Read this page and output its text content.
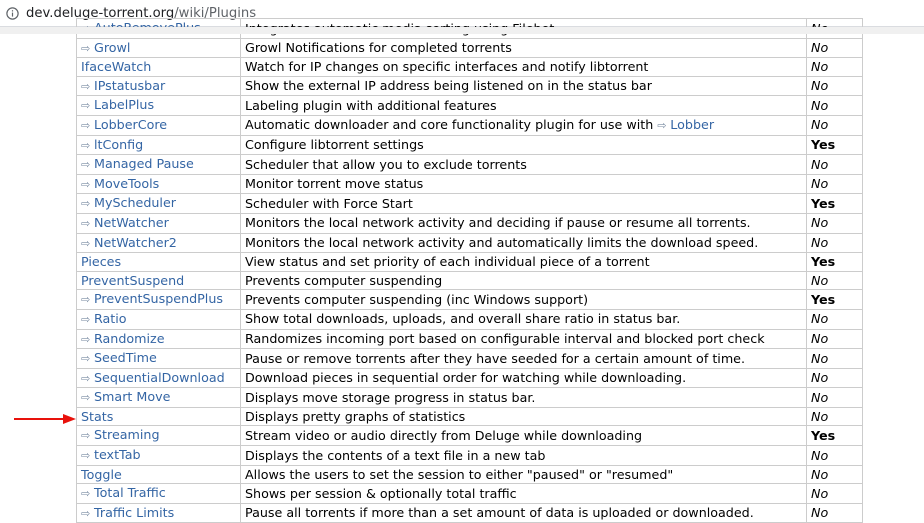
dev.deluge-torrent.org/wiki/Plugins

⇨ Growl	Growl Notifications for completed torrents	No
IfaceWatch	Watch for IP changes on specific interfaces and notify libtorrent	No
⇨ IPstatusbar	Show the external IP address being listened on in the status bar	No
⇨ LabelPlus	Labeling plugin with additional features	No
⇨ LobberCore	Automatic downloader and core functionality plugin for use with ⇨ Lobber	No
⇨ ltConfig	Configure libtorrent settings	Yes
⇨ Managed Pause	Scheduler that allow you to exclude torrents	No
⇨ MoveTools	Monitor torrent move status	No
⇨ MyScheduler	Scheduler with Force Start	Yes
⇨ NetWatcher	Monitors the local network activity and deciding if pause or resume all torrents.	No
⇨ NetWatcher2	Monitors the local network activity and automatically limits the download speed.	No
Pieces	View status and set priority of each individual piece of a torrent	Yes
PreventSuspend	Prevents computer suspending	No
⇨ PreventSuspendPlus	Prevents computer suspending (inc Windows support)	Yes
⇨ Ratio	Show total downloads, uploads, and overall share ratio in status bar.	No
⇨ Randomize	Randomizes incoming port based on configurable interval and blocked port check	No
⇨ SeedTime	Pause or remove torrents after they have seeded for a certain amount of time.	No
⇨ SequentialDownload	Download pieces in sequential order for watching while downloading.	No
⇨ Smart Move	Displays move storage progress in status bar.	No
Stats	Displays pretty graphs of statistics	No
⇨ Streaming	Stream video or audio directly from Deluge while downloading	Yes
⇨ textTab	Displays the contents of a text file in a new tab	No
Toggle	Allows the users to set the session to either "paused" or "resumed"	No
⇨ Total Traffic	Shows per session & optionally total traffic	No
⇨ Traffic Limits	Pause all torrents if more than a set amount of data is uploaded or downloaded.	No
